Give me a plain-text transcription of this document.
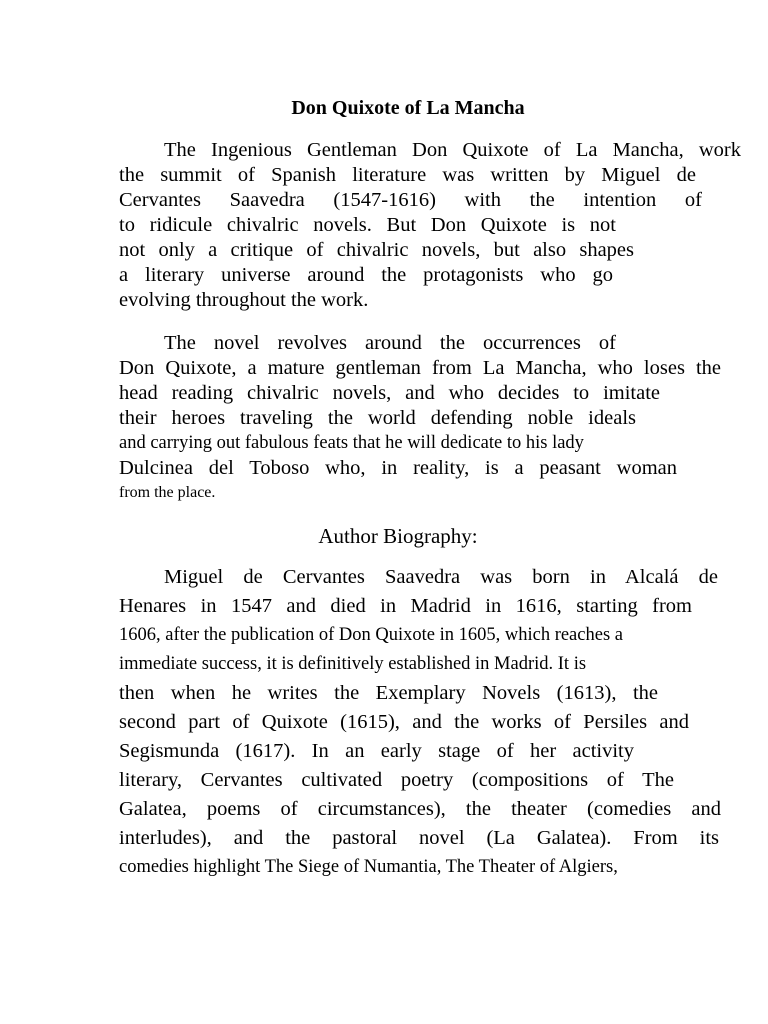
Don Quixote of La Mancha
The Ingenious Gentleman Don Quixote of La Mancha, work
the summit of Spanish literature was written by Miguel de
Cervantes Saavedra (1547-1616) with the intention of
to ridicule chivalric novels. But Don Quixote is not
not only a critique of chivalric novels, but also shapes
a literary universe around the protagonists who go
evolving throughout the work.
The novel revolves around the occurrences of
Don Quixote, a mature gentleman from La Mancha, who loses the
head reading chivalric novels, and who decides to imitate
their heroes traveling the world defending noble ideals
and carrying out fabulous feats that he will dedicate to his lady
Dulcinea del Toboso who, in reality, is a peasant woman
from the place.
Author Biography:
Miguel de Cervantes Saavedra was born in Alcalá de
Henares in 1547 and died in Madrid in 1616, starting from
1606, after the publication of Don Quixote in 1605, which reaches a
immediate success, it is definitively established in Madrid. It is
then when he writes the Exemplary Novels (1613), the
second part of Quixote (1615), and the works of Persiles and
Segismunda (1617). In an early stage of her activity
literary, Cervantes cultivated poetry (compositions of The
Galatea, poems of circumstances), the theater (comedies and
interludes), and the pastoral novel (La Galatea). From its
comedies highlight The Siege of Numantia, The Theater of Algiers,
